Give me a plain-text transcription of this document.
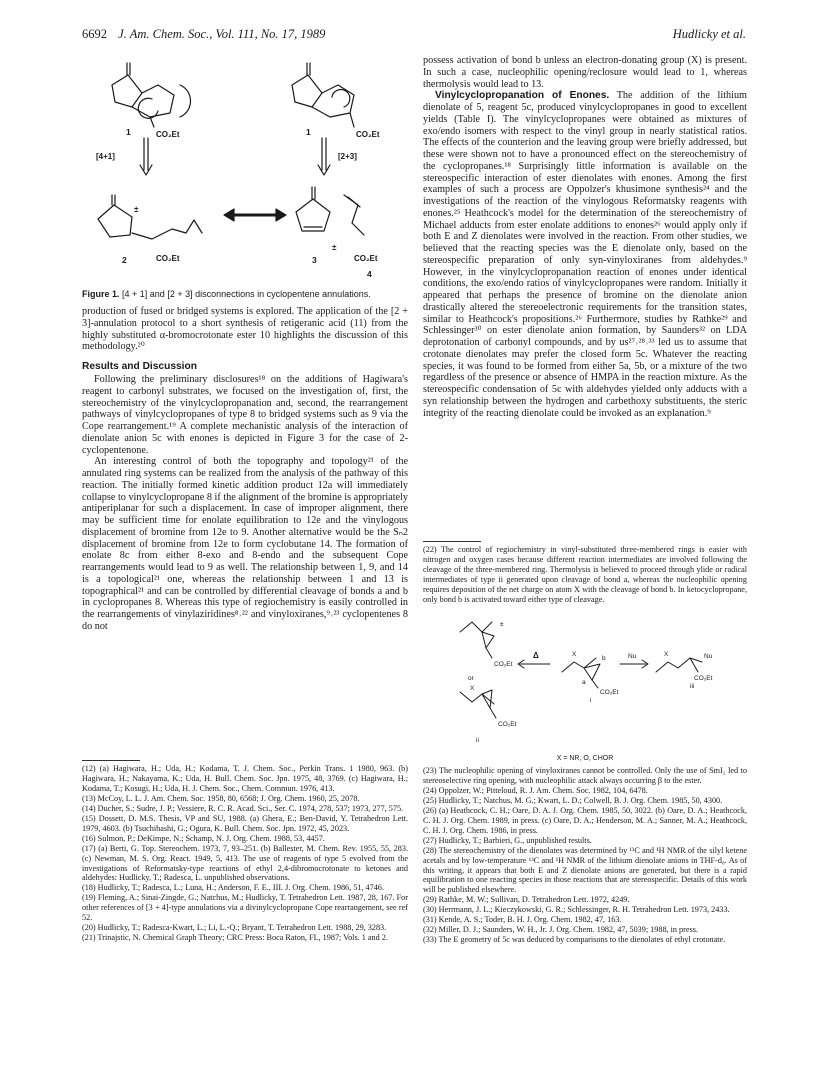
6692 J. Am. Chem. Soc., Vol. 111, No. 17, 1989	Hudlicky et al.
1	CO₂Et	1	CO₂Et
[4+1]	[2+3]
±
2	CO₂Et	3
±
CO₂Et
4
Figure 1. [4 + 1] and [2 + 3] disconnections in cyclopentene annulations.

production of fused or bridged systems is explored. The application of the [2 + 3]-annulation protocol to a short synthesis of retigeranic acid (11) from the highly substituted α-bromocrotonate ester 10 highlights the discussion of this methodology.²⁰

Results and Discussion

Following the preliminary disclosures¹⁸ on the additions of Hagiwara's reagent to carbonyl substrates, we focused on the investigation of, first, the stereochemistry of the vinylcyclopropanation and, second, the rearrangement pathways of vinylcyclopropanes of type 8 to bridged systems such as 9 via the Cope rearrangement.¹⁹ A complete mechanistic analysis of the interaction of dienolate anion 5c with enones is depicted in Figure 3 for the case of 2-cyclopentenone.

An interesting control of both the topography and topology²¹ of the annulated ring systems can be realized from the analysis of the pathway of this reaction. The initially formed kinetic addition product 12a will immediately collapse to vinylcyclopropane 8 if the alignment of the bromine is appropriately antiperiplanar for such a displacement. In case of improper alignment, there may be sufficient time for enolate equilibration to 12e and the vinylogous displacement of bromine from 12e to 9. Another alternative would be the Sₙ2 displacement of bromine from 12e to form cyclobutane 14. The formation of enolate 8c from either 8-exo and 8-endo and the subsequent Cope rearrangements would lead to 9 as well. The relationship between 1, 9, and 14 is a topological²¹ one, whereas the relationship between 1 and 13 is topographical²¹ and can be controlled by differential cleavage of bonds a and b in cyclopropanes 8. Whereas this type of regiochemistry is easily controlled in the rearrangements of vinylaziridines⁸˒²² and vinyloxiranes,⁹˒²³ cyclopentenes 8 do not

(12) (a) Hagiwara, H.; Uda, H.; Kodama, T. J. Chem. Soc., Perkin Trans. 1 1980, 963. (b) Hagiwara, H.; Nakayama, K.; Uda, H. Bull. Chem. Soc. Jpn. 1975, 48, 3769. (c) Hagiwara, H.; Kodama, T.; Kosugi, H.; Uda, H. J. Chem. Soc., Chem. Commun. 1976, 413.

(13) McCoy, L. L. J. Am. Chem. Soc. 1958, 80, 6568; J. Org. Chem. 1960, 25, 2078.

(14) Ducher, S.; Sudre, J. P.; Vessiere, R. C. R. Acad. Sci., Ser. C. 1974, 278, 537; 1973, 277, 575.

(15) Dossett, D. M.S. Thesis, VP and SU, 1988. (a) Ghera, E.; Ben-David, Y. Tetrahedron Lett. 1979, 4603. (b) Tsuchihashi, G.; Ogura, K. Bull. Chem. Soc. Jpn. 1972, 45, 2023.

(16) Sulmon, P.; DeKimpe, N.; Schamp, N. J. Org. Chem. 1988, 53, 4457.

(17) (a) Berti, G. Top. Stereochem. 1973, 7, 93–251. (b) Ballester, M. Chem. Rev. 1955, 55, 283. (c) Newman, M. S. Org. React. 1949, 5, 413. The use of reagents of type 5 evolved from the investigations of Reformatsky-type reactions of ethyl 2,4-dibromocrotonate to ketones and aldehydes: Hudlicky, T.; Radesca, L. unpublished observations.

(18) Hudlicky, T.; Radesca, L.; Luna, H.; Anderson, F. E., III. J. Org. Chem. 1986, 51, 4746.

(19) Fleming, A.; Sinai-Zingde, G.; Natchus, M.; Hudlicky, T. Tetrahedron Lett. 1987, 28, 167. For other references of [3 + 4]-type annulations via a divinylcyclopropane Cope rearrangement, see ref 52.

(20) Hudlicky, T.; Radesca-Kwart, L.; Li, L.-Q.; Bryant, T. Tetrahedron Lett. 1988, 29, 3283.

(21) Trinajstic, N. Chemical Graph Theory; CRC Press: Boca Raton, FL, 1987; Vols. 1 and 2.

possess activation of bond b unless an electron-donating group (X) is present. In such a case, nucleophilic opening/reclosure would lead to 1, whereas thermolysis would lead to 13.

Vinylcyclopropanation of Enones. The addition of the lithium dienolate of 5, reagent 5c, produced vinylcyclopropanes in good to excellent yields (Table I). The vinylcyclopropanes were obtained as mixtures of exo/endo isomers with respect to the vinyl group in nearly statistical ratios. The effects of the counterion and the leaving group were briefly addressed, but these were shown not to have a pronounced effect on the stereochemistry of the cyclopropanes.¹⁸ Surprisingly little information is available on the stereospecific interaction of ester dienolates with enones. Among the first examples of such a process are Oppolzer's khusimone synthesis²⁴ and the investigations of the reaction of the vinylogous Reformatsky reagents with enones.²⁵ Heathcock's model for the determination of the stereochemistry of Michael adducts from ester enolate additions to enones²⁶ would apply only if both E and Z dienolates were involved in the reaction. From other studies, we believed that the reacting species was the E dienolate only, based on the stereospecific preparation of only syn-vinyloxiranes from aldehydes.⁹ However, in the vinylcyclopropanation reaction of enones under identical conditions, the exo/endo ratios of vinylcyclopropanes were random. Initially it appeared that perhaps the presence of bromine on the dienolate anion drastically altered the stereoelectronic requirements for the transition states, similar to Heathcock's propositions.²⁶ Furthermore, studies by Rathke²⁹ and Schlessinger³⁰ on ester dienolate anion formation, by Saunders³² on LDA deprotonation of carbonyl compounds, and by us²⁷˒²⁸˒³³ led us to assume that crotonate dienolates may prefer the closed form 5c. Whatever the reacting species, it was found to be formed from either 5a, 5b, or a mixture of the two regardless of the presence or absence of HMPA in the reaction mixture. As the stereospecific condensation of 5c with aldehydes yielded only adducts with a syn relationship between the hydrogen and carbethoxy substituents, the steric integrity of the reacting dienolate could be invoked as an explanation.⁹

(22) The control of regiochemistry in vinyl-substituted three-membered rings is easier with nitrogen and oxygen cases because different reaction intermediates are involved following the cleavage of the three-membered ring. Thermolysis is believed to proceed through ylide or radical intermediates of type ii generated upon cleavage of bond a, whereas the nucleophilic opening requires deposition of the net charge on atom X with the cleavage of bond b. In ketocyclopropane, only bond b is activated toward either type of cleavage.
±
CO₂Et
or
X
CO₂Et
ii
Δ	X
b
a
CO₂Et
i
Nu	X	Nu
CO₂Et
iii
X = NR, O, CHOR

(23) The nucleophilic opening of vinyloxiranes cannot be controlled. Only the use of SmI₂ led to stereoselective ring opening, with nucleophilic attack always occurring β to the ester.

(24) Oppolzer, W.; Pitteloud, R. J. Am. Chem. Soc. 1982, 104, 6478.

(25) Hudlicky, T.; Natchus, M. G.; Kwart, L. D.; Colwell, B. J. Org. Chem. 1985, 50, 4300.

(26) (a) Heathcock, C. H.; Oare, D. A. J. Org. Chem. 1985, 50, 3022. (b) Oare, D. A.; Heathcock, C. H. J. Org. Chem. 1989, in press. (c) Oare, D. A.; Henderson, M. A.; Sanner, M. A.; Heathcock, C. H. J. Org. Chem. 1986, in press.

(27) Hudlicky, T.; Barbieri, G., unpublished results.

(28) The stereochemistry of the dienolates was determined by ¹³C and ¹H NMR of the silyl ketene acetals and by low-temperature ¹³C and ¹H NMR of the lithium dienolate anions in THF-d₈. As of this writing, it appears that both E and Z dienolate anions are generated, but there is a rapid equilibration to one reacting species in those reactions that are stereospecific. Details of this work will be published elsewhere.

(29) Rathke, M. W.; Sullivan, D. Tetrahedron Lett. 1972, 4249.

(30) Herrmann, J. L.; Kieczykowski, G. R.; Schlessinger, R. H. Tetrahedron Lett. 1973, 2433.

(31) Kende, A. S.; Toder, B. H. J. Org. Chem. 1982, 47, 163.

(32) Miller, D. J.; Saunders, W. H., Jr. J. Org. Chem. 1982, 47, 5039; 1988, in press.

(33) The E geometry of 5c was deduced by comparisons to the dienolates of ethyl crotonate.
